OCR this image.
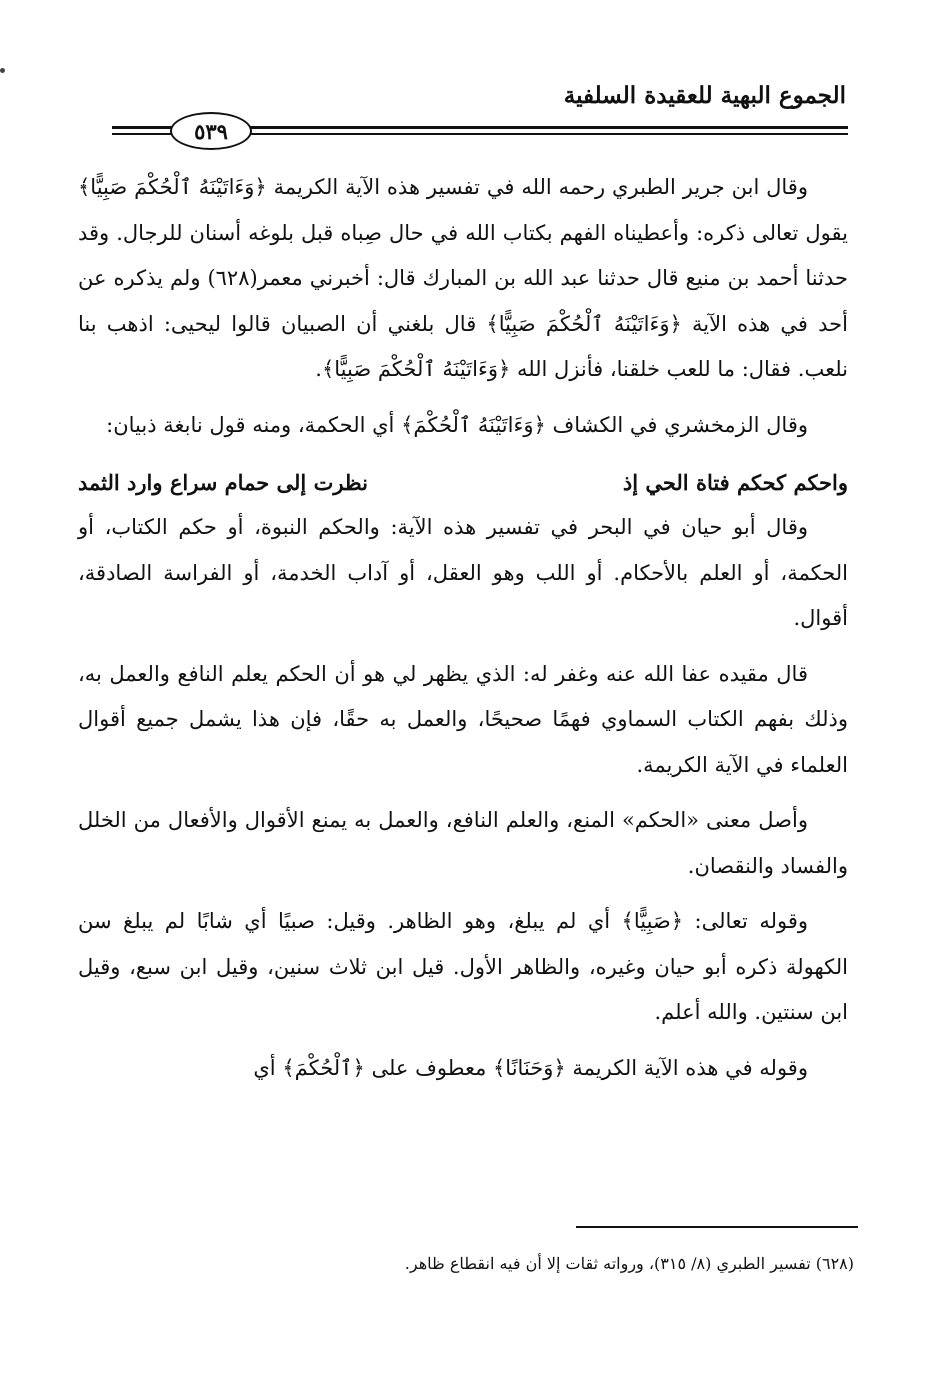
الجموع البهية للعقيدة السلفية
٥٣٩

وقال ابن جرير الطبري رحمه الله في تفسير هذه الآية الكريمة ﴿وَءَاتَيْنَهُ ٱلْحُكْمَ صَبِيًّا﴾ يقول تعالى ذكره: وأعطيناه الفهم بكتاب الله في حال صِباه قبل بلوغه أسنان للرجال. وقد حدثنا أحمد بن منيع قال حدثنا عبد الله بن المبارك قال: أخبرني معمر(٦٢٨) ولم يذكره عن أحد في هذه الآية ﴿وَءَاتَيْنَهُ ٱلْحُكْمَ صَبِيًّا﴾ قال بلغني أن الصبيان قالوا ليحيى: اذهب بنا نلعب. فقال: ما للعب خلقنا، فأنزل الله ﴿وَءَاتَيْنَهُ ٱلْحُكْمَ صَبِيًّا﴾.

وقال الزمخشري في الكشاف ﴿وَءَاتَيْنَهُ ٱلْحُكْمَ﴾ أي الحكمة، ومنه قول نابغة ذبيان:

واحكم كحكم فتاة الحي إذ
نظرت إلى حمام سراع وارد الثمد

وقال أبو حيان في البحر في تفسير هذه الآية: والحكم النبوة، أو حكم الكتاب، أو الحكمة، أو العلم بالأحكام. أو اللب وهو العقل، أو آداب الخدمة، أو الفراسة الصادقة، أقوال.

قال مقيده عفا الله عنه وغفر له: الذي يظهر لي هو أن الحكم يعلم النافع والعمل به، وذلك بفهم الكتاب السماوي فهمًا صحيحًا، والعمل به حقًا، فإن هذا يشمل جميع أقوال العلماء في الآية الكريمة.

وأصل معنى «الحكم» المنع، والعلم النافع، والعمل به يمنع الأقوال والأفعال من الخلل والفساد والنقصان.

وقوله تعالى: ﴿صَبِيًّا﴾ أي لم يبلغ، وهو الظاهر. وقيل: صبيًا أي شابًا لم يبلغ سن الكهولة ذكره أبو حيان وغيره، والظاهر الأول. قيل ابن ثلاث سنين، وقيل ابن سبع، وقيل ابن سنتين. والله أعلم.

وقوله في هذه الآية الكريمة ﴿وَحَنَانًا﴾ معطوف على ﴿ٱلْحُكْمَ﴾ أي

(٦٢٨) تفسير الطبري (٨/ ٣١٥)، ورواته ثقات إلا أن فيه انقطاع ظاهر.
